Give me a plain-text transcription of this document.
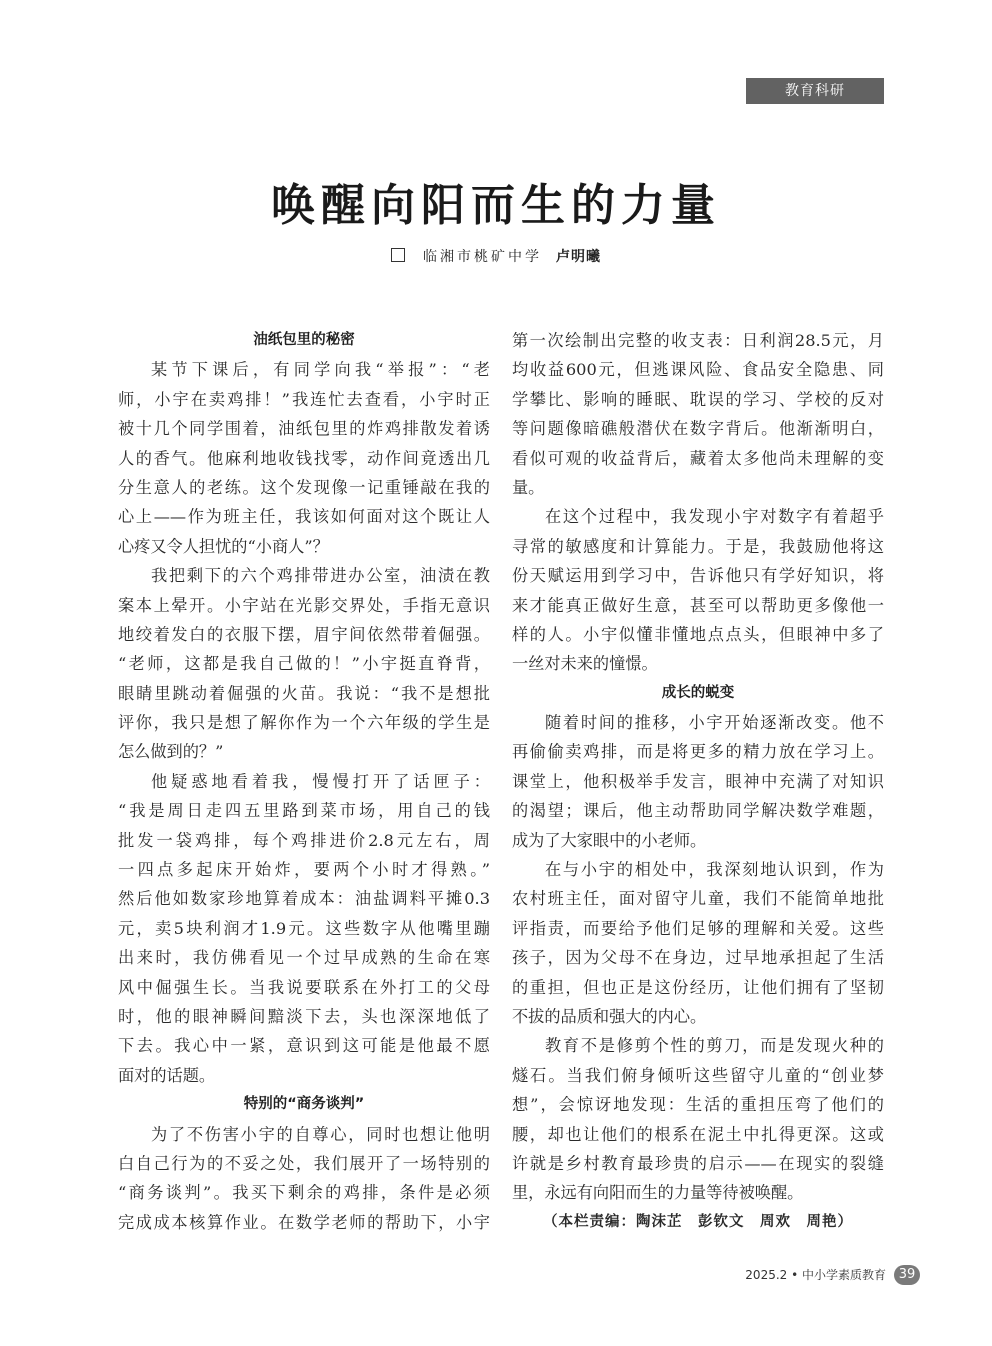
教育科研
唤醒向阳而生的力量
临湘市桃矿中学 卢明曦
油纸包里的秘密
某节下课后，有同学向我“举报”：“老
师，小宇在卖鸡排！”我连忙去查看，小宇时正
被十几个同学围着，油纸包里的炸鸡排散发着诱
人的香气。他麻利地收钱找零，动作间竟透出几
分生意人的老练。这个发现像一记重锤敲在我的
心上——作为班主任，我该如何面对这个既让人
心疼又令人担忧的“小商人”？
我把剩下的六个鸡排带进办公室，油渍在教
案本上晕开。小宇站在光影交界处，手指无意识
地绞着发白的衣服下摆，眉宇间依然带着倔强。
“老师，这都是我自己做的！”小宇挺直脊背，
眼睛里跳动着倔强的火苗。我说：“我不是想批
评你，我只是想了解你作为一个六年级的学生是
怎么做到的？”
他疑惑地看着我，慢慢打开了话匣子：
“我是周日走四五里路到菜市场，用自己的钱
批发一袋鸡排，每个鸡排进价2.8元左右，周
一四点多起床开始炸，要两个小时才得熟。”
然后他如数家珍地算着成本：油盐调料平摊0.3
元，卖5块利润才1.9元。这些数字从他嘴里蹦
出来时，我仿佛看见一个过早成熟的生命在寒
风中倔强生长。当我说要联系在外打工的父母
时，他的眼神瞬间黯淡下去，头也深深地低了
下去。我心中一紧，意识到这可能是他最不愿
面对的话题。
特别的“商务谈判”
为了不伤害小宇的自尊心，同时也想让他明
白自己行为的不妥之处，我们展开了一场特别的
“商务谈判”。我买下剩余的鸡排，条件是必须
完成成本核算作业。在数学老师的帮助下，小宇
第一次绘制出完整的收支表：日利润28.5元，月
均收益600元，但逃课风险、食品安全隐患、同
学攀比、影响的睡眠、耽误的学习、学校的反对
等问题像暗礁般潜伏在数字背后。他渐渐明白，
看似可观的收益背后，藏着太多他尚未理解的变
量。
在这个过程中，我发现小宇对数字有着超乎
寻常的敏感度和计算能力。于是，我鼓励他将这
份天赋运用到学习中，告诉他只有学好知识，将
来才能真正做好生意，甚至可以帮助更多像他一
样的人。小宇似懂非懂地点点头，但眼神中多了
一丝对未来的憧憬。
成长的蜕变
随着时间的推移，小宇开始逐渐改变。他不
再偷偷卖鸡排，而是将更多的精力放在学习上。
课堂上，他积极举手发言，眼神中充满了对知识
的渴望；课后，他主动帮助同学解决数学难题，
成为了大家眼中的小老师。
在与小宇的相处中，我深刻地认识到，作为
农村班主任，面对留守儿童，我们不能简单地批
评指责，而要给予他们足够的理解和关爱。这些
孩子，因为父母不在身边，过早地承担起了生活
的重担，但也正是这份经历，让他们拥有了坚韧
不拔的品质和强大的内心。
教育不是修剪个性的剪刀，而是发现火种的
燧石。当我们俯身倾听这些留守儿童的“创业梦
想”，会惊讶地发现：生活的重担压弯了他们的
腰，却也让他们的根系在泥土中扎得更深。这或
许就是乡村教育最珍贵的启示——在现实的裂缝
里，永远有向阳而生的力量等待被唤醒。
（本栏责编：陶沫芷　彭钦文　周欢　周艳）
2025.2 • 中小学素质教育 39
